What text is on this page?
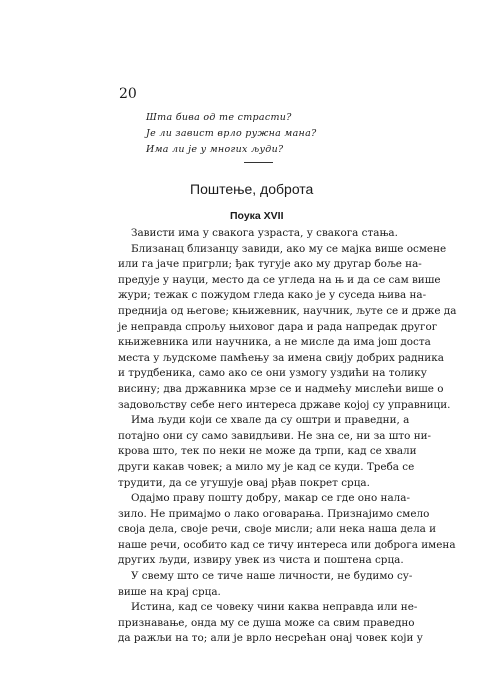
20
Шта бива од те страсти?
Је ли завист врло ружна мана?
Има ли је у многих људи?
Поштење, доброта
Поука XVII
Зависти има у свакога узраста, у свакога стања.
Близанац близанцу завиди, ако му се мајка више осмене
или га јаче пригрли; ђак тугује ако му другар боље на-
предује у науци, место да се углeда на њ и да се сам више
жури; тежак с пожудом гледа како је у суседа њива на-
преднија од његове; књижевник, научник, љуте се и држе да
је неправда спрољу њиховог дара и рада напредак другог
књижевника или научника, а не мисле да има још доста
места у људскоме памћењу за имена свију добрих радника
и трудбеника, само ако се они узмогу уздићи на толику
висину; два државника мрзе се и надмећу мислећи више о
задовољству себе него интереса државе којој су управници.
Има људи који се хвале да су оштри и праведни, а
потајно они су само завидљиви. Не зна се, ни за што ни-
крова што, тек по неки не може да трпи, кад се хвали
други какав човек; а мило му је кад се куди. Треба се
трудити, да се угушује овај рђав покрет срца.
Одајмо праву пошту добру, макар се где оно нала-
зило. Не примајмо о лако оговарања. Признајимо смело
своја дела, своје речи, своје мисли; али нека наша дела и
наше речи, особито кад се тичу интереса или доброга имена
других људи, извиру увек из чиста и поштена срца.
У свему што се тиче наше личности, не будимо су-
више на крај срца.
Истина, кад се човеку чини каква неправда или не-
признавање, онда му се душа може са свим праведно
да ражљи на то; али је врло несрећан онај човек који у
